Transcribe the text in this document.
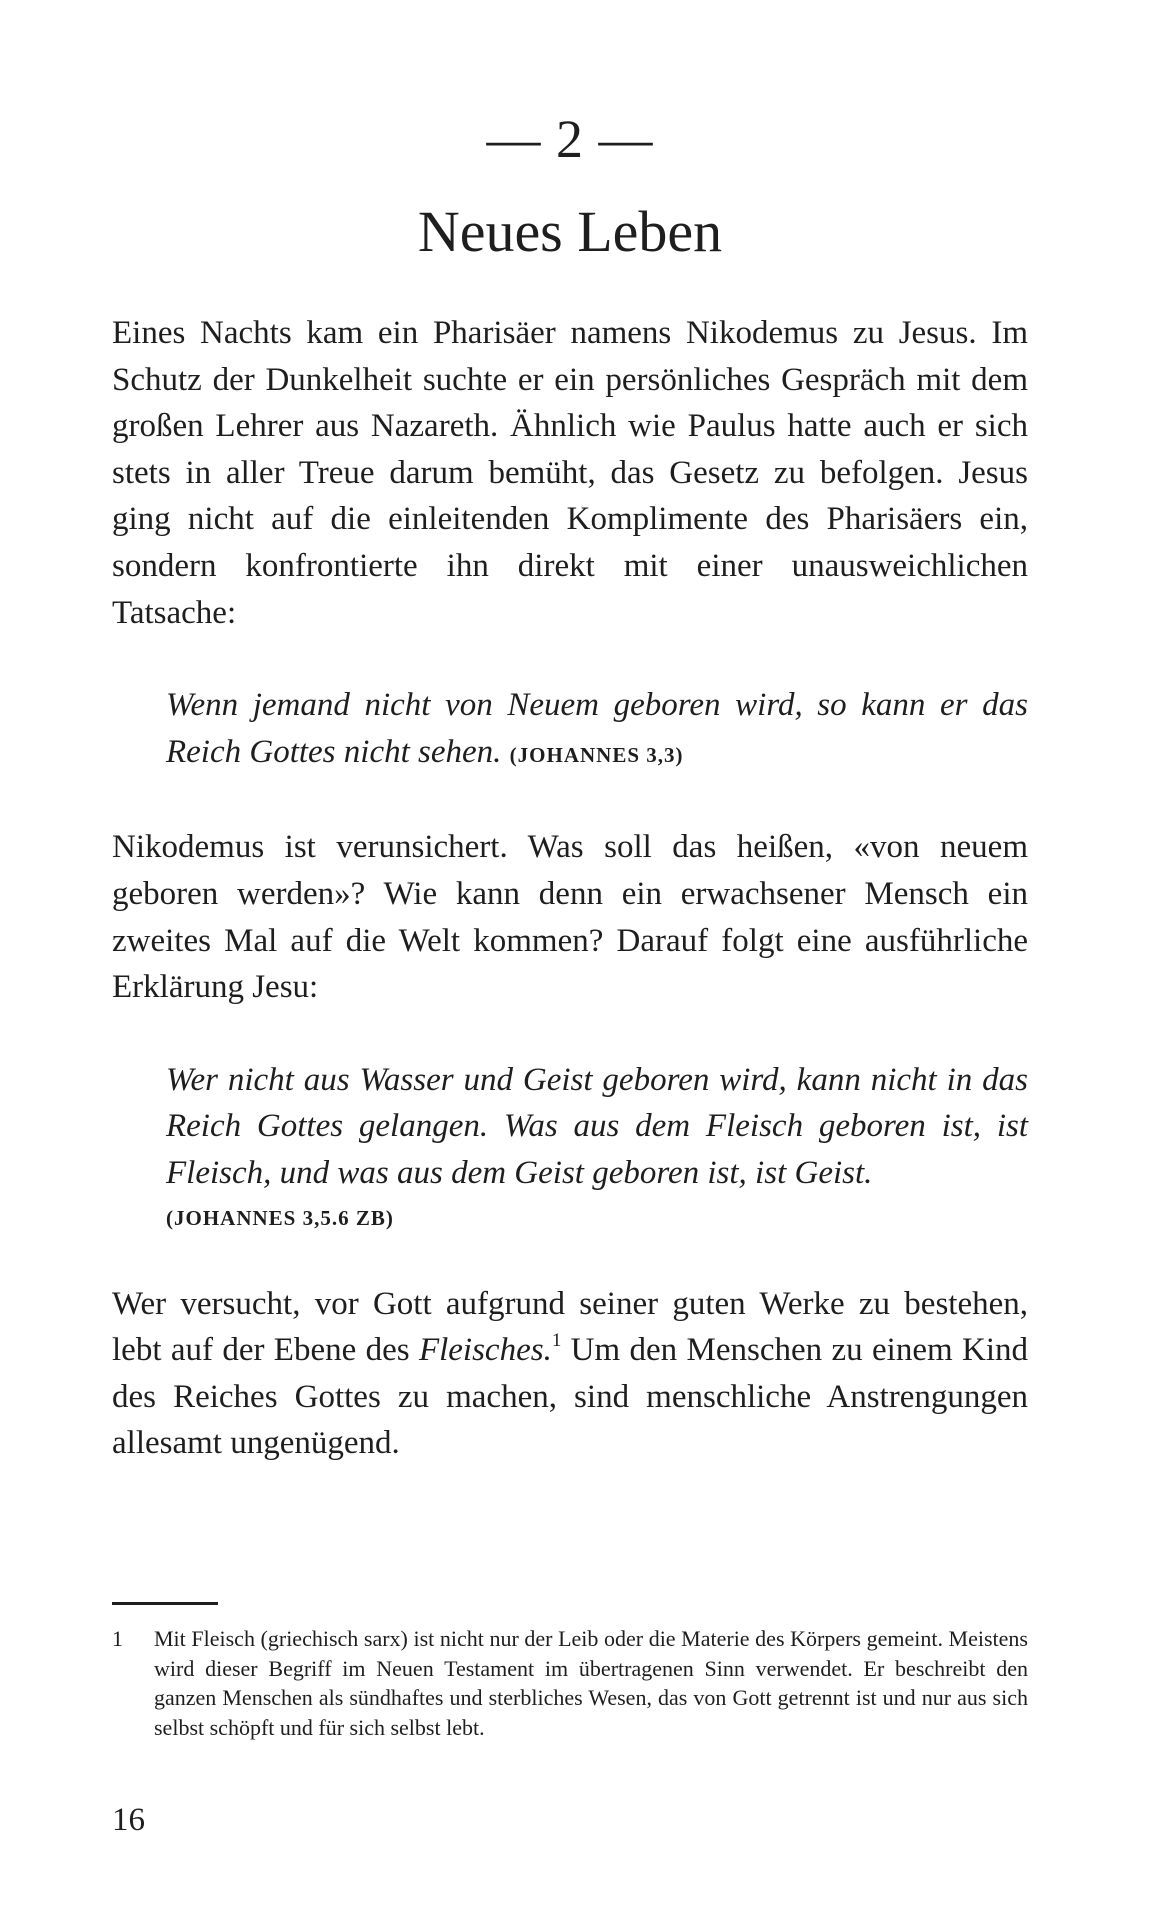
— 2 —
Neues Leben

Eines Nachts kam ein Pharisäer namens Nikodemus zu Jesus. Im Schutz der Dunkelheit suchte er ein persönliches Gespräch mit dem großen Lehrer aus Nazareth. Ähnlich wie Paulus hatte auch er sich stets in aller Treue darum bemüht, das Gesetz zu befolgen. Jesus ging nicht auf die einleitenden Komplimente des Pharisäers ein, sondern konfrontierte ihn direkt mit einer unausweichlichen Tatsache:

Wenn jemand nicht von Neuem geboren wird, so kann er das Reich Gottes nicht sehen. (JOHANNES 3,3)

Nikodemus ist verunsichert. Was soll das heißen, «von neuem geboren werden»? Wie kann denn ein erwachsener Mensch ein zweites Mal auf die Welt kommen? Darauf folgt eine ausführliche Erklärung Jesu:

Wer nicht aus Wasser und Geist geboren wird, kann nicht in das Reich Gottes gelangen. Was aus dem Fleisch geboren ist, ist Fleisch, und was aus dem Geist geboren ist, ist Geist.
(JOHANNES 3,5.6 ZB)

Wer versucht, vor Gott aufgrund seiner guten Werke zu bestehen, lebt auf der Ebene des Fleisches.$^1$ Um den Menschen zu einem Kind des Reiches Gottes zu machen, sind menschliche Anstrengungen allesamt ungenügend.

1 Mit Fleisch (griechisch sarx) ist nicht nur der Leib oder die Materie des Körpers gemeint. Meistens wird dieser Begriff im Neuen Testament im übertragenen Sinn verwendet. Er beschreibt den ganzen Menschen als sündhaftes und sterbliches Wesen, das von Gott getrennt ist und nur aus sich selbst schöpft und für sich selbst lebt.
16
